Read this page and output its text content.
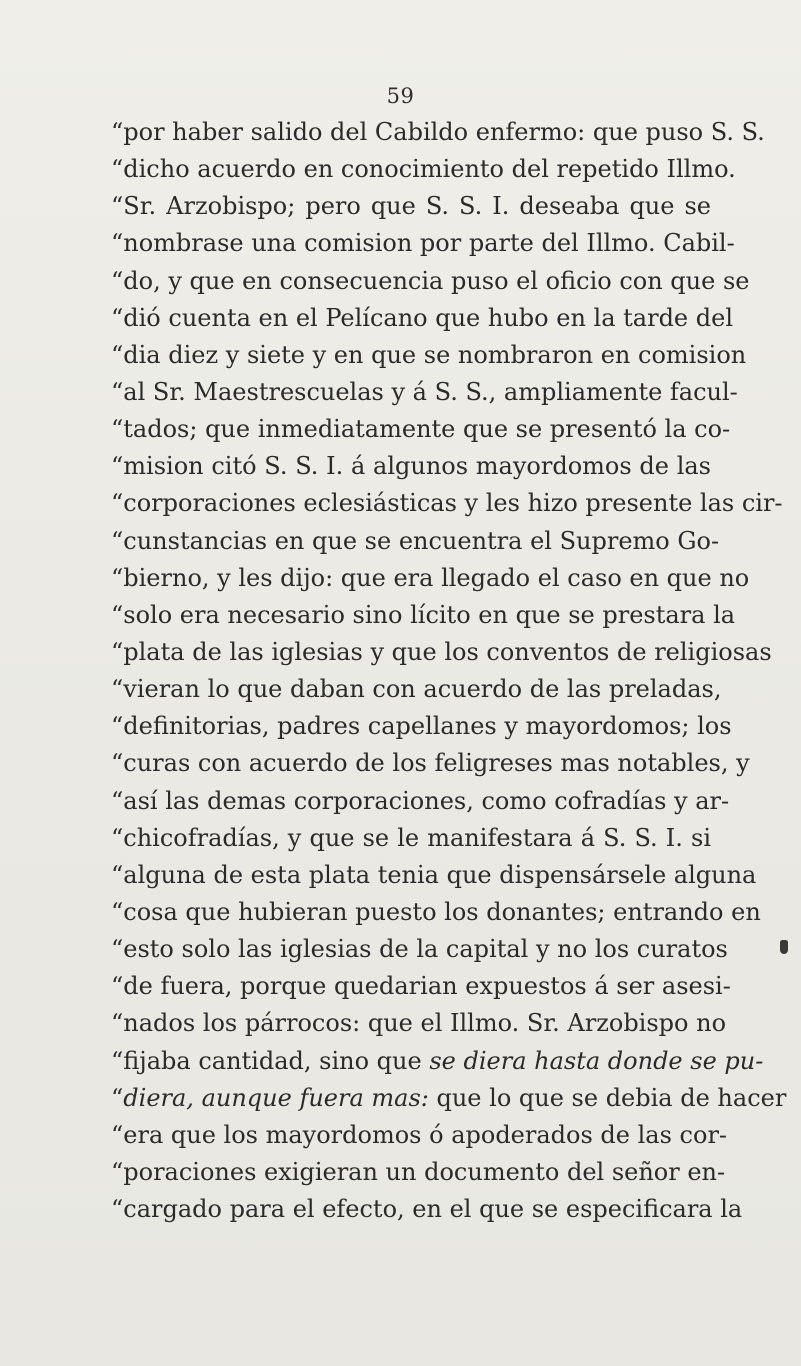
59
“por haber salido del Cabildo enfermo: que puso S. S.
“dicho acuerdo en conocimiento del repetido Illmo.
“Sr. Arzobispo; pero que S. S. I. deseaba que se
“nombrase una comision por parte del Illmo. Cabil-
“do, y que en consecuencia puso el oficio con que se
“dió cuenta en el Pelícano que hubo en la tarde del
“dia diez y siete y en que se nombraron en comision
“al Sr. Maestrescuelas y á S. S., ampliamente facul-
“tados; que inmediatamente que se presentó la co-
“mision citó S. S. I. á algunos mayordomos de las
“corporaciones eclesiásticas y les hizo presente las cir-
“cunstancias en que se encuentra el Supremo Go-
“bierno, y les dijo: que era llegado el caso en que no
“solo era necesario sino lícito en que se prestara la
“plata de las iglesias y que los conventos de religiosas
“vieran lo que daban con acuerdo de las preladas,
“definitorias, padres capellanes y mayordomos; los
“curas con acuerdo de los feligreses mas notables, y
“así las demas corporaciones, como cofradías y ar-
“chicofradías, y que se le manifestara á S. S. I. si
“alguna de esta plata tenia que dispensársele alguna
“cosa que hubieran puesto los donantes; entrando en
“esto solo las iglesias de la capital y no los curatos
“de fuera, porque quedarian expuestos á ser asesi-
“nados los párrocos: que el Illmo. Sr. Arzobispo no
“fijaba cantidad, sino que se diera hasta donde se pu-
“diera, aunque fuera mas: que lo que se debia de hacer
“era que los mayordomos ó apoderados de las cor-
“poraciones exigieran un documento del señor en-
“cargado para el efecto, en el que se especificara la
